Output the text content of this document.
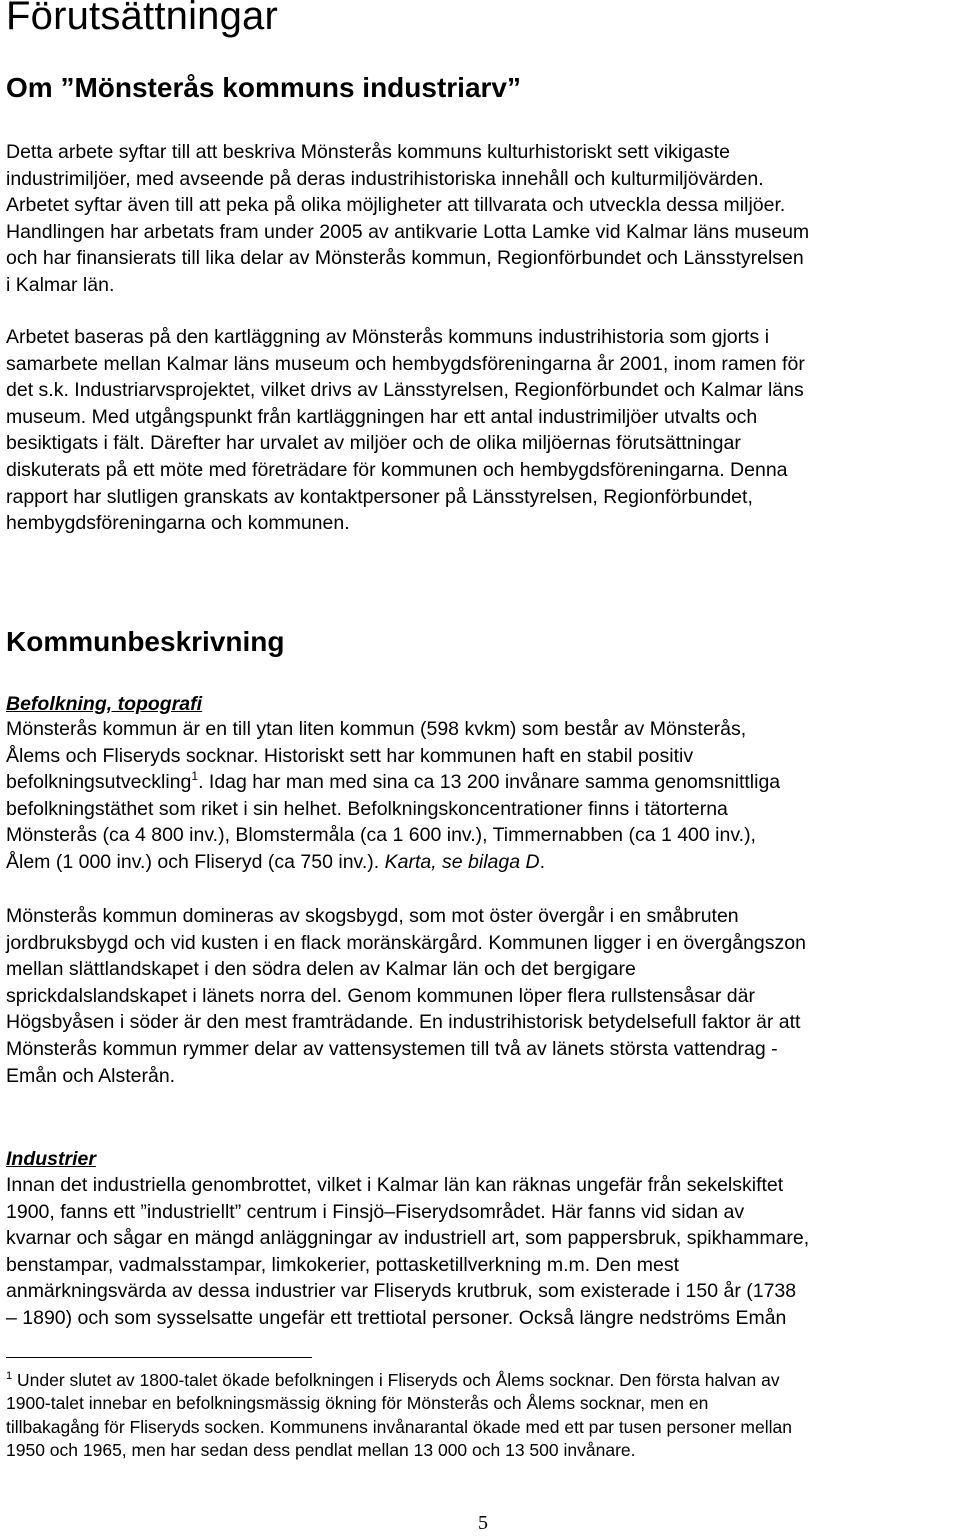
Förutsättningar
Om ”Mönsterås kommuns industriarv”
Detta arbete syftar till att beskriva Mönsterås kommuns kulturhistoriskt sett vikigaste
industrimiljöer, med avseende på deras industrihistoriska innehåll och kulturmiljövärden.
Arbetet syftar även till att peka på olika möjligheter att tillvarata och utveckla dessa miljöer.
Handlingen har arbetats fram under 2005 av antikvarie Lotta Lamke vid Kalmar läns museum
och har finansierats till lika delar av Mönsterås kommun, Regionförbundet och Länsstyrelsen
i Kalmar län.
Arbetet baseras på den kartläggning av Mönsterås kommuns industrihistoria som gjorts i
samarbete mellan Kalmar läns museum och hembygdsföreningarna år 2001, inom ramen för
det s.k. Industriarvsprojektet, vilket drivs av Länsstyrelsen, Regionförbundet och Kalmar läns
museum. Med utgångspunkt från kartläggningen har ett antal industrimiljöer utvalts och
besiktigats i fält. Därefter har urvalet av miljöer och de olika miljöernas förutsättningar
diskuterats på ett möte med företrädare för kommunen och hembygdsföreningarna. Denna
rapport har slutligen granskats av kontaktpersoner på Länsstyrelsen, Regionförbundet,
hembygdsföreningarna och kommunen.
Kommunbeskrivning
Befolkning, topografi
Mönsterås kommun är en till ytan liten kommun (598 kvkm) som består av Mönsterås,
Ålems och Fliseryds socknar. Historiskt sett har kommunen haft en stabil positiv
befolkningsutveckling$^1$. Idag har man med sina ca 13 200 invånare samma genomsnittliga
befolkningstäthet som riket i sin helhet. Befolkningskoncentrationer finns i tätorterna
Mönsterås (ca 4 800 inv.), Blomstermåla (ca 1 600 inv.), Timmernabben (ca 1 400 inv.),
Ålem (1 000 inv.) och Fliseryd (ca 750 inv.). Karta, se bilaga D.
Mönsterås kommun domineras av skogsbygd, som mot öster övergår i en småbruten
jordbruksbygd och vid kusten i en flack moränskärgård. Kommunen ligger i en övergångszon
mellan slättlandskapet i den södra delen av Kalmar län och det bergigare
sprickdalslandskapet i länets norra del. Genom kommunen löper flera rullstensåsar där
Högsbyåsen i söder är den mest framträdande. En industrihistorisk betydelsefull faktor är att
Mönsterås kommun rymmer delar av vattensystemen till två av länets största vattendrag -
Emån och Alsterån.
Industrier
Innan det industriella genombrottet, vilket i Kalmar län kan räknas ungefär från sekelskiftet
1900, fanns ett ”industriellt” centrum i Finsjö–Fiserydsområdet. Här fanns vid sidan av
kvarnar och sågar en mängd anläggningar av industriell art, som pappersbruk, spikhammare,
benstampar, vadmalsstampar, limkokerier, pottasketillverkning m.m. Den mest
anmärkningsvärda av dessa industrier var Fliseryds krutbruk, som existerade i 150 år (1738
– 1890) och som sysselsatte ungefär ett trettiotal personer. Också längre nedströms Emån
$^1$ Under slutet av 1800-talet ökade befolkningen i Fliseryds och Ålems socknar. Den första halvan av
1900-talet innebar en befolkningsmässig ökning för Mönsterås och Ålems socknar, men en
tillbakagång för Fliseryds socken. Kommunens invånarantal ökade med ett par tusen personer mellan
1950 och 1965, men har sedan dess pendlat mellan 13 000 och 13 500 invånare.
5
